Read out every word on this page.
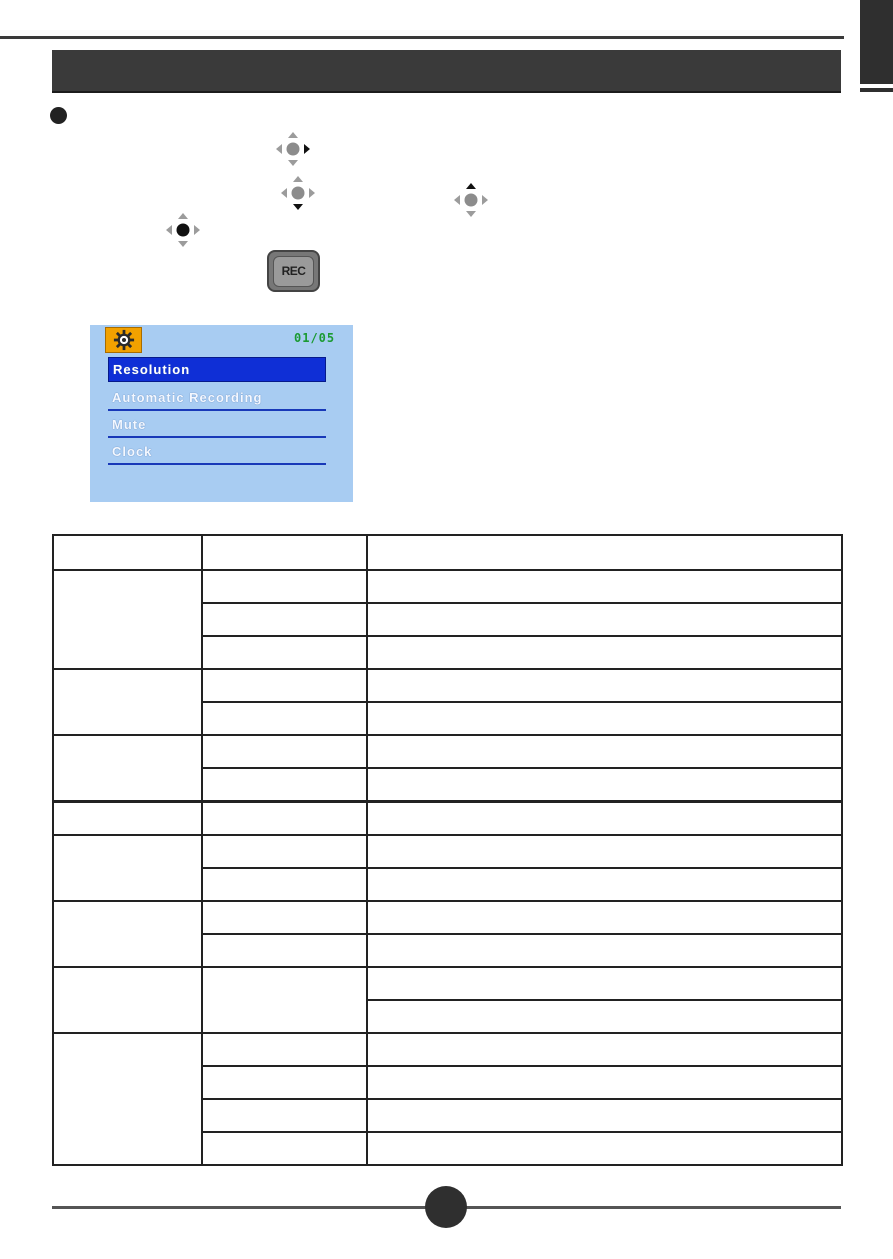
REC
01/05
Resolution
Automatic Recording
Mute
Clock
